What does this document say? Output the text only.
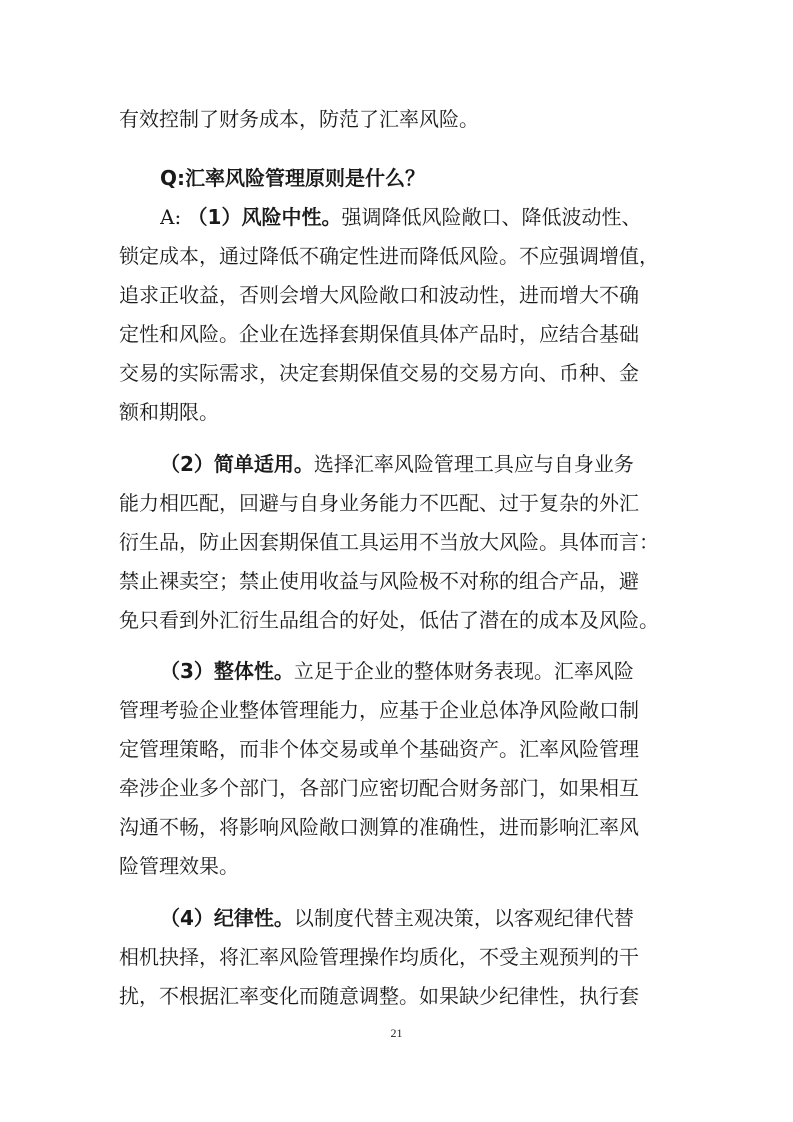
有效控制了财务成本，防范了汇率风险。
Q:汇率风险管理原则是什么？
A: （1）风险中性。强调降低风险敞口、降低波动性、
锁定成本，通过降低不确定性进而降低风险。不应强调增值，
追求正收益，否则会增大风险敞口和波动性，进而增大不确
定性和风险。企业在选择套期保值具体产品时，应结合基础
交易的实际需求，决定套期保值交易的交易方向、币种、金
额和期限。
（2）简单适用。选择汇率风险管理工具应与自身业务
能力相匹配，回避与自身业务能力不匹配、过于复杂的外汇
衍生品，防止因套期保值工具运用不当放大风险。具体而言：
禁止裸卖空；禁止使用收益与风险极不对称的组合产品，避
免只看到外汇衍生品组合的好处，低估了潜在的成本及风险。
（3）整体性。立足于企业的整体财务表现。汇率风险
管理考验企业整体管理能力，应基于企业总体净风险敞口制
定管理策略，而非个体交易或单个基础资产。汇率风险管理
牵涉企业多个部门，各部门应密切配合财务部门，如果相互
沟通不畅，将影响风险敞口测算的准确性，进而影响汇率风
险管理效果。
（4）纪律性。以制度代替主观决策，以客观纪律代替
相机抉择，将汇率风险管理操作均质化，不受主观预判的干
扰，不根据汇率变化而随意调整。如果缺少纪律性，执行套
21
